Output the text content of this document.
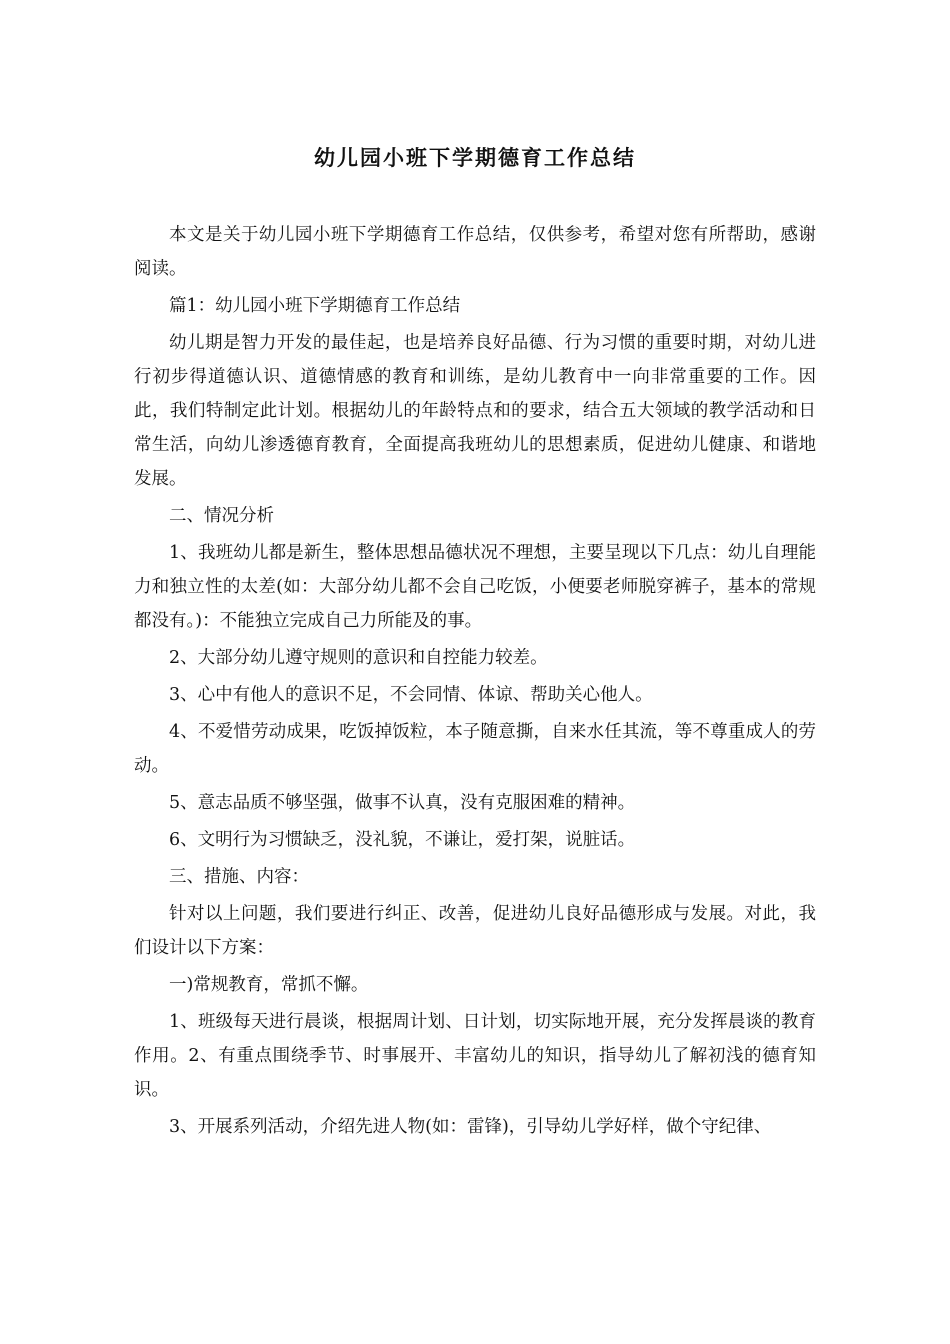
幼儿园小班下学期德育工作总结

本文是关于幼儿园小班下学期德育工作总结，仅供参考，希望对您有所帮助，感谢阅读。

篇1：幼儿园小班下学期德育工作总结

幼儿期是智力开发的最佳起，也是培养良好品德、行为习惯的重要时期，对幼儿进行初步得道德认识、道德情感的教育和训练，是幼儿教育中一向非常重要的工作。因此，我们特制定此计划。根据幼儿的年龄特点和的要求，结合五大领域的教学活动和日常生活，向幼儿渗透德育教育，全面提高我班幼儿的思想素质，促进幼儿健康、和谐地发展。

二、情况分析

1、我班幼儿都是新生，整体思想品德状况不理想，主要呈现以下几点：幼儿自理能力和独立性的太差(如：大部分幼儿都不会自己吃饭，小便要老师脱穿裤子，基本的常规都没有。)：不能独立完成自己力所能及的事。

2、大部分幼儿遵守规则的意识和自控能力较差。

3、心中有他人的意识不足，不会同情、体谅、帮助关心他人。

4、不爱惜劳动成果，吃饭掉饭粒，本子随意撕，自来水任其流，等不尊重成人的劳动。

5、意志品质不够坚强，做事不认真，没有克服困难的精神。

6、文明行为习惯缺乏，没礼貌，不谦让，爱打架，说脏话。

三、措施、内容：

针对以上问题，我们要进行纠正、改善，促进幼儿良好品德形成与发展。对此，我们设计以下方案：

一)常规教育，常抓不懈。

1、班级每天进行晨谈，根据周计划、日计划，切实际地开展，充分发挥晨谈的教育作用。2、有重点围绕季节、时事展开、丰富幼儿的知识，指导幼儿了解初浅的德育知识。

3、开展系列活动，介绍先进人物(如：雷锋)，引导幼儿学好样，做个守纪律、
